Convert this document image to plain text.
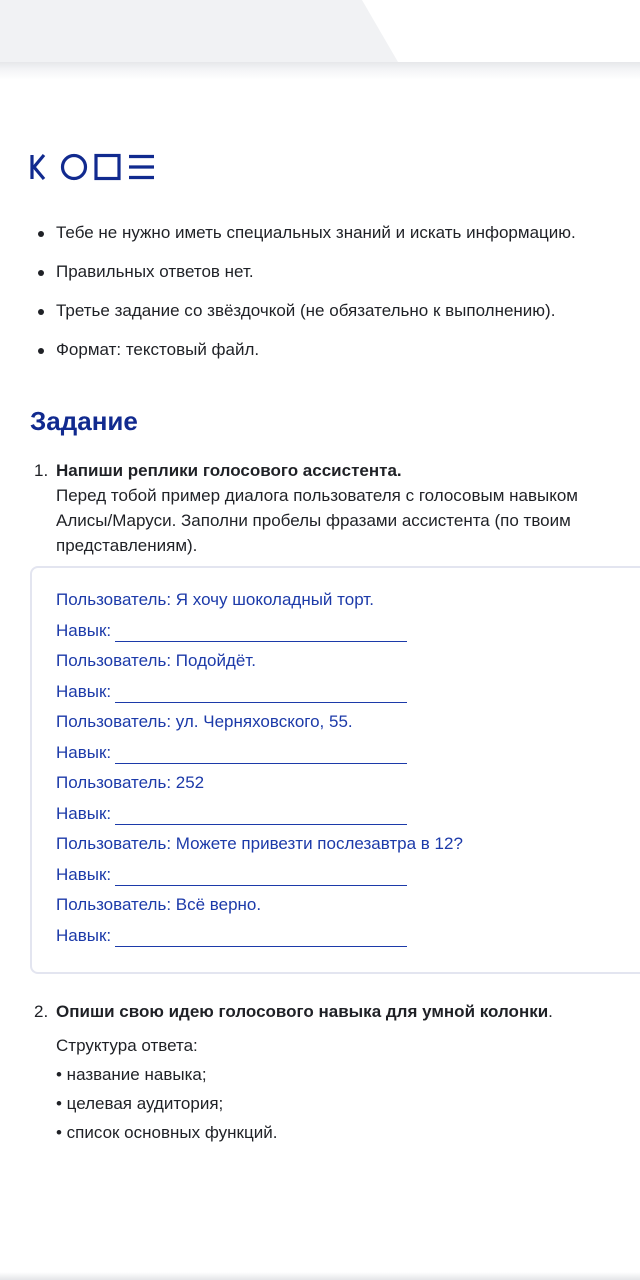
Тебе не нужно иметь специальных знаний и искать информацию.
Правильных ответов нет.
Третье задание со звёздочкой (не обязательно к выполнению).
Формат: текстовый файл.
Задание
1. Напиши реплики голосового ассистента.
Перед тобой пример диалога пользователя с голосовым навыком
Алисы/Маруси. Заполни пробелы фразами ассистента (по твоим
представлениям).
Пользователь: Я хочу шоколадный торт.
Навык:
Пользователь: Подойдёт.
Навык:
Пользователь: ул. Черняховского, 55.
Навык:
Пользователь: 252
Навык:
Пользователь: Можете привезти послезавтра в 12?
Навык:
Пользователь: Всё верно.
Навык:
2. Опиши свою идею голосового навыка для умной колонки.
Структура ответа:
• название навыка;
• целевая аудитория;
• список основных функций.
